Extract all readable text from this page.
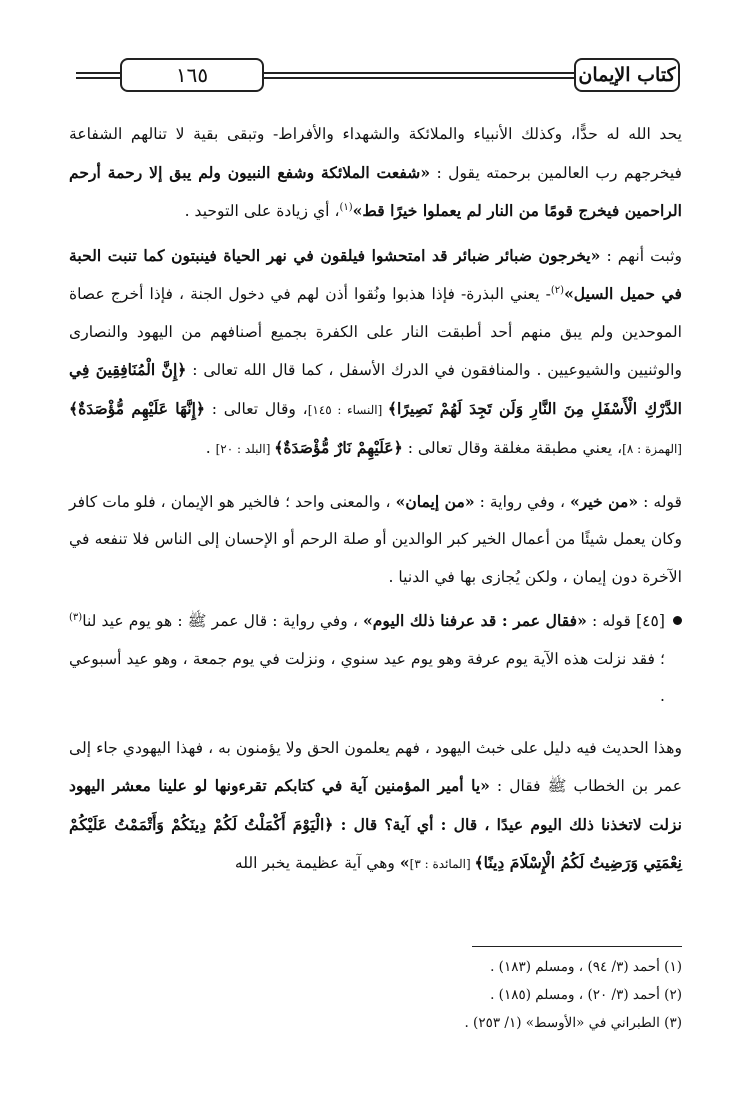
كتاب الإيمان
١٦٥

يحد الله له حدًّا، وكذلك الأنبياء والملائكة والشهداء والأفراط- وتبقى بقية لا تنالهم الشفاعة فيخرجهم رب العالمين برحمته يقول : «شفعت الملائكة وشفع النبيون ولم يبق إلا رحمة أرحم الراحمين فيخرج قومًا من النار لم يعملوا خيرًا قط»$^{(١)}$، أي زيادة على التوحيد .

وثبت أنهم : «يخرجون ضبائر ضبائر قد امتحشوا فيلقون في نهر الحياة فينبتون كما تنبت الحبة في حميل السيل»$^{(٢)}$- يعني البذرة- فإذا هذبوا ونُقوا أذن لهم في دخول الجنة ، فإذا أخرج عصاة الموحدين ولم يبق منهم أحد أطبقت النار على الكفرة بجميع أصنافهم من اليهود والنصارى والوثنيين والشيوعيين . والمنافقون في الدرك الأسفل ، كما قال الله تعالى : ﴿إِنَّ الْمُنَافِقِينَ فِي الدَّرْكِ الْأَسْفَلِ مِنَ النَّارِ وَلَن تَجِدَ لَهُمْ نَصِيرًا﴾ [النساء : ١٤٥]، وقال تعالى : ﴿إِنَّهَا عَلَيْهِم مُّؤْصَدَةٌ﴾ [الهمزة : ٨]، يعني مطبقة مغلقة وقال تعالى : ﴿عَلَيْهِمْ نَارٌ مُّؤْصَدَةٌ﴾ [البلد : ٢٠] .

قوله : «من خير» ، وفي رواية : «من إيمان» ، والمعنى واحد ؛ فالخير هو الإيمان ، فلو مات كافر وكان يعمل شيئًا من أعمال الخير كبر الوالدين أو صلة الرحم أو الإحسان إلى الناس فلا تنفعه في الآخرة دون إيمان ، ولكن يُجازى بها في الدنيا .

[٤٥] قوله : «فقال عمر : قد عرفنا ذلك اليوم» ، وفي رواية : قال عمر ﷺ : هو يوم عيد لنا$^{(٣)}$ ؛ فقد نزلت هذه الآية يوم عرفة وهو يوم عيد سنوي ، ونزلت في يوم جمعة ، وهو عيد أسبوعي .

وهذا الحديث فيه دليل على خبث اليهود ، فهم يعلمون الحق ولا يؤمنون به ، فهذا اليهودي جاء إلى عمر بن الخطاب ﷺ فقال : «يا أمير المؤمنين آية في كتابكم تقرءونها لو علينا معشر اليهود نزلت لاتخذنا ذلك اليوم عيدًا ، قال : أي آية؟ قال : ﴿الْيَوْمَ أَكْمَلْتُ لَكُمْ دِينَكُمْ وَأَتْمَمْتُ عَلَيْكُمْ نِعْمَتِي وَرَضِيتُ لَكُمُ الْإِسْلَامَ دِينًا﴾ [المائدة : ٣]» وهي آية عظيمة يخبر الله

(١) أحمد (٣/ ٩٤) ، ومسلم (١٨٣) .

(٢) أحمد (٣/ ٢٠) ، ومسلم (١٨٥) .

(٣) الطبراني في «الأوسط» (١/ ٢٥٣) .
